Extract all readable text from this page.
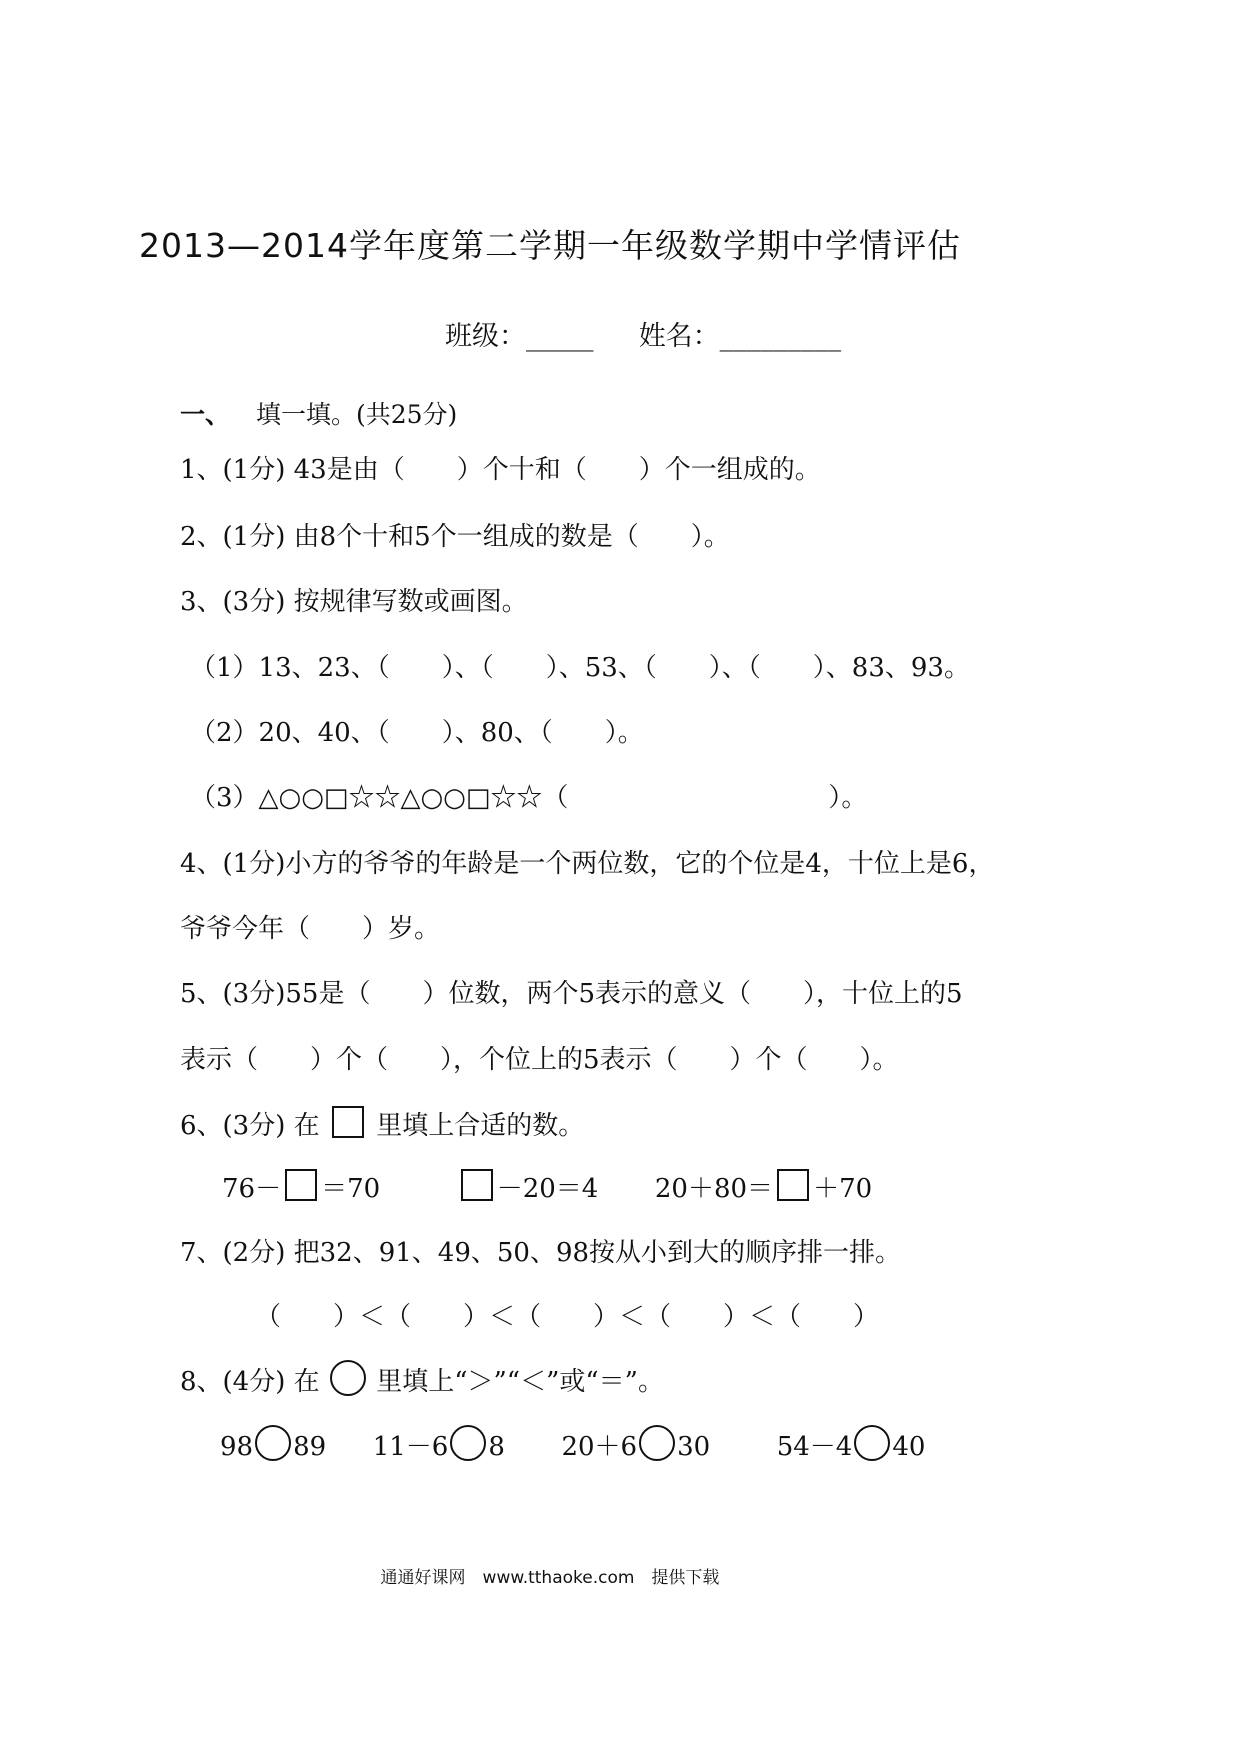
2013—2014学年度第二学期一年级数学期中学情评估
班级：_____ 姓名：_________
一、 填一填。(共25分)
1、(1分) 43是由（　　）个十和（　　）个一组成的。
2、(1分) 由8个十和5个一组成的数是（　　）。
3、(3分) 按规律写数或画图。
（1）13、23、（　　）、（　　）、53、（　　）、（　　）、83、93。
（2）20、40、（　　）、80、（　　）。
（3）△○○□☆☆△○○□☆☆（　　　　　　　　　　）。
4、(1分)小方的爷爷的年龄是一个两位数，它的个位是4，十位上是6，
爷爷今年（　　）岁。
5、(3分)55是（　　）位数，两个5表示的意义（　　），十位上的5
表示（　　）个（　　），个位上的5表示（　　）个（　　）。
6、(3分) 在 里填上合适的数。
76－ ＝70	－20＝4 20＋80＝ ＋70
7、(2分) 把32、91、49、50、98按从小到大的顺序排一排。
（　　）＜（　　）＜（　　）＜（　　）＜（　　）
8、(4分) 在 里填上“＞”“＜”或“＝”。
98 89 11－6 8 20＋6 30	54－4 40
通通好课网　www.tthaoke.com　提供下载
